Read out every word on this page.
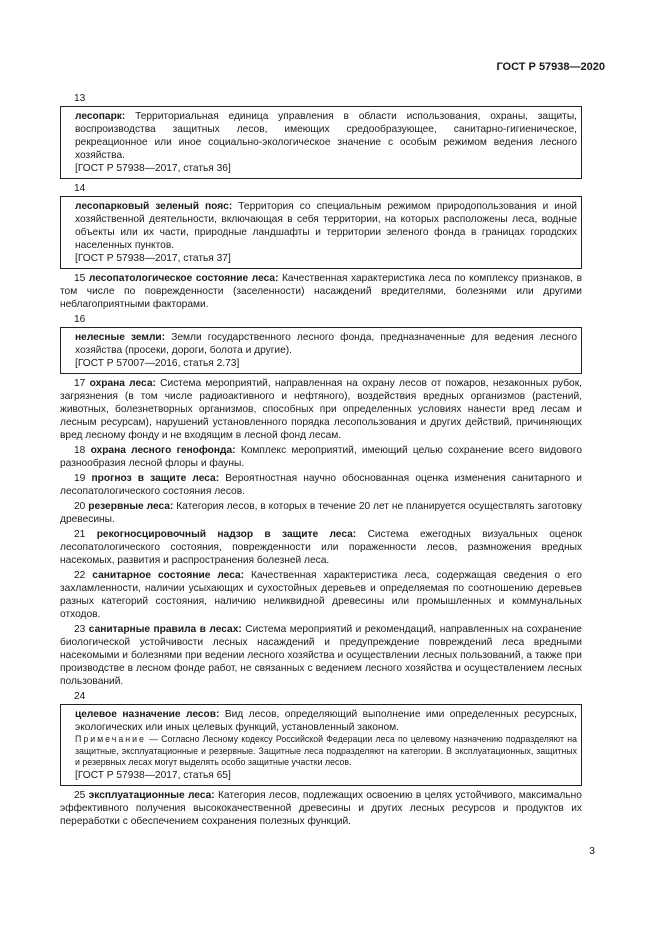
ГОСТ Р 57938—2020
13

лесопарк: Территориальная единица управления в области использования, охраны, защиты, воспроизводства защитных лесов, имеющих средообразующее, санитарно-гигиеническое, рекреационное или иное социально-экологическое значение с особым режимом ведения лесного хозяйства.

[ГОСТ Р 57938—2017, статья 36]

14

лесопарковый зеленый пояс: Территория со специальным режимом природопользования и иной хозяйственной деятельности, включающая в себя территории, на которых расположены леса, водные объекты или их части, природные ландшафты и территории зеленого фонда в границах городских населенных пунктов.

[ГОСТ Р 57938—2017, статья 37]

15 лесопатологическое состояние леса: Качественная характеристика леса по комплексу признаков, в том числе по поврежденности (заселенности) насаждений вредителями, болезнями или другими неблагоприятными факторами.

16

нелесные земли: Земли государственного лесного фонда, предназначенные для ведения лесного хозяйства (просеки, дороги, болота и другие).

[ГОСТ Р 57007—2016, статья 2.73]

17 охрана леса: Система мероприятий, направленная на охрану лесов от пожаров, незаконных рубок, загрязнения (в том числе радиоактивного и нефтяного), воздействия вредных организмов (растений, животных, болезнетворных организмов, способных при определенных условиях нанести вред лесам и лесным ресурсам), нарушений установленного порядка лесопользования и других действий, причиняющих вред лесному фонду и не входящим в лесной фонд лесам.

18 охрана лесного генофонда: Комплекс мероприятий, имеющий целью сохранение всего видового разнообразия лесной флоры и фауны.

19 прогноз в защите леса: Вероятностная научно обоснованная оценка изменения санитарного и лесопатологического состояния лесов.

20 резервные леса: Категория лесов, в которых в течение 20 лет не планируется осуществлять заготовку древесины.

21 рекогносцировочный надзор в защите леса: Система ежегодных визуальных оценок лесопатологического состояния, поврежденности или пораженности лесов, размножения вредных насекомых, развития и распространения болезней леса.

22 санитарное состояние леса: Качественная характеристика леса, содержащая сведения о его захламленности, наличии усыхающих и сухостойных деревьев и определяемая по соотношению деревьев разных категорий состояния, наличию неликвидной древесины или промышленных и коммунальных отходов.

23 санитарные правила в лесах: Система мероприятий и рекомендаций, направленных на сохранение биологической устойчивости лесных насаждений и предупреждение повреждений леса вредными насекомыми и болезнями при ведении лесного хозяйства и осуществлении лесных пользований, а также при производстве в лесном фонде работ, не связанных с ведением лесного хозяйства и осуществлением лесных пользований.

24

целевое назначение лесов: Вид лесов, определяющий выполнение ими определенных ресурсных, экологических или иных целевых функций, установленный законом.

Примечание — Согласно Лесному кодексу Российской Федерации леса по целевому назначению подразделяют на защитные, эксплуатационные и резервные. Защитные леса подразделяют на категории. В эксплуатационных, защитных и резервных лесах могут выделять особо защитные участки лесов.

[ГОСТ Р 57938—2017, статья 65]

25 эксплуатационные леса: Категория лесов, подлежащих освоению в целях устойчивого, максимально эффективного получения высококачественной древесины и других лесных ресурсов и продуктов их переработки с обеспечением сохранения полезных функций.

3
